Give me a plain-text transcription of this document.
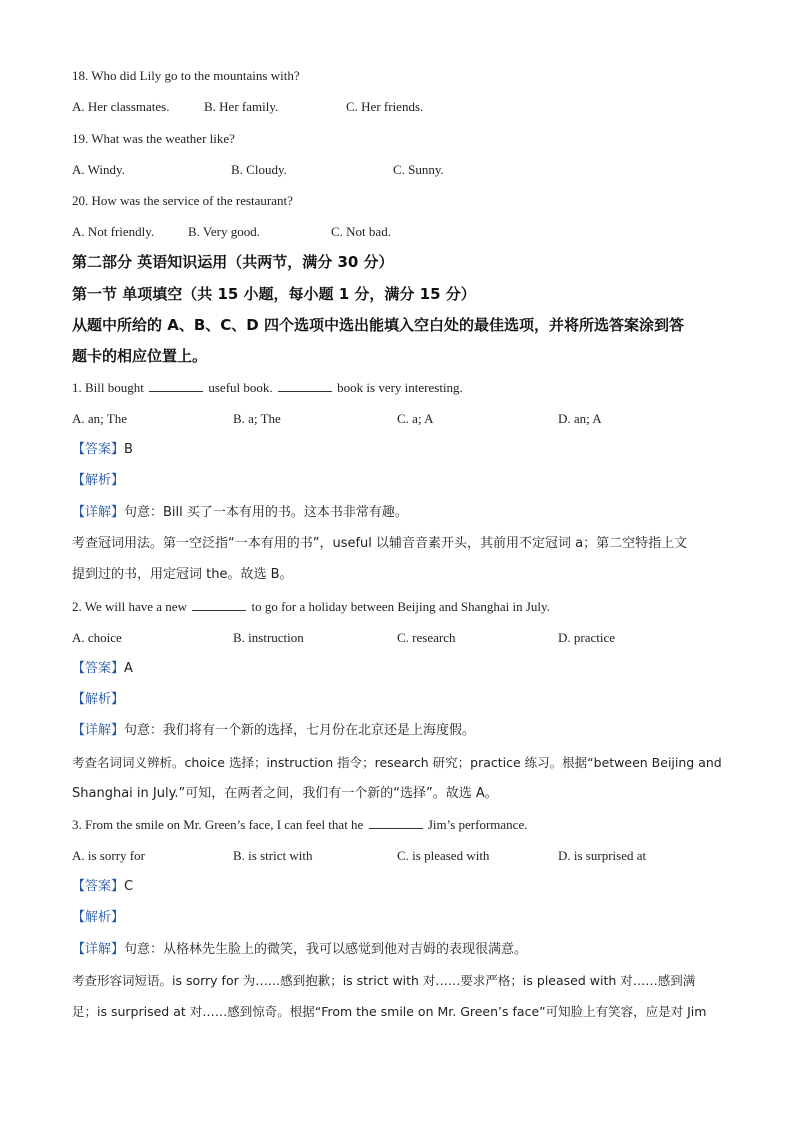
18. Who did Lily go to the mountains with?
A. Her classmates.	B. Her family.	C. Her friends.
19. What was the weather like?
A. Windy.	B. Cloudy.	C. Sunny.
20. How was the service of the restaurant?
A. Not friendly.	B. Very good.	C. Not bad.
第二部分 英语知识运用（共两节，满分 30 分）
第一节 单项填空（共 15 小题，每小题 1 分，满分 15 分）
从题中所给的 A、B、C、D 四个选项中选出能填入空白处的最佳选项，并将所选答案涂到答
题卡的相应位置上。
1. Bill bought	useful book.	book is very interesting.
A. an; The	B. a; The	C. a; A	D. an; A
【答案】B
【解析】
【详解】句意：Bill 买了一本有用的书。这本书非常有趣。
考查冠词用法。第一空泛指“一本有用的书”，useful 以辅音音素开头，其前用不定冠词 a；第二空特指上文
提到过的书，用定冠词 the。故选 B。
2. We will have a new	to go for a holiday between Beijing and Shanghai in July.
A. choice	B. instruction	C. research	D. practice
【答案】A
【解析】
【详解】句意：我们将有一个新的选择，七月份在北京还是上海度假。
考查名词词义辨析。choice 选择；instruction 指令；research 研究；practice 练习。根据“between Beijing and
Shanghai in July.”可知，在两者之间，我们有一个新的“选择”。故选 A。
3. From the smile on Mr. Green’s face, I can feel that he	Jim’s performance.
A. is sorry for	B. is strict with	C. is pleased with	D. is surprised at
【答案】C
【解析】
【详解】句意：从格林先生脸上的微笑，我可以感觉到他对吉姆的表现很满意。
考查形容词短语。is sorry for 为……感到抱歉；is strict with 对……要求严格；is pleased with 对……感到满
足；is surprised at 对……感到惊奇。根据“From the smile on Mr. Green’s face”可知脸上有笑容，应是对 Jim
